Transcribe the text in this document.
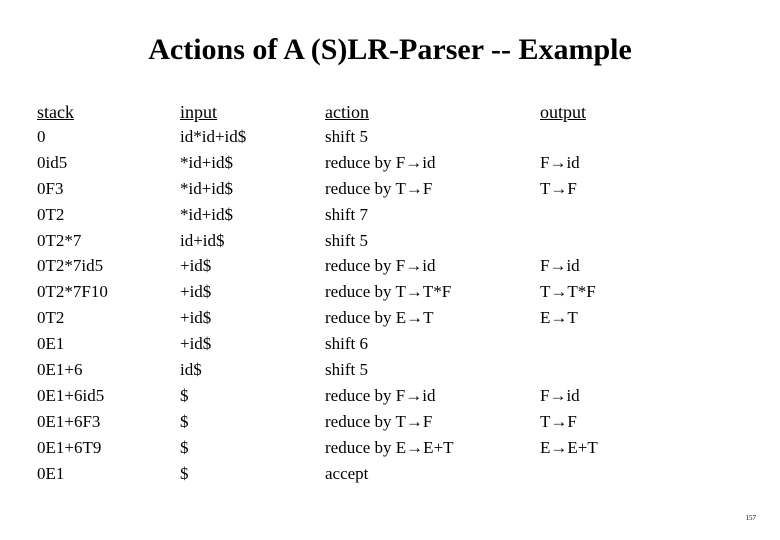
Actions of A (S)LR-Parser -- Example
stack	input	action	output
0	id*id+id$	shift 5
0id5	*id+id$	reduce by F→id	F→id
0F3	*id+id$	reduce by T→F	T→F
0T2	*id+id$	shift 7
0T2*7	id+id$	shift 5
0T2*7id5	+id$	reduce by F→id	F→id
0T2*7F10	+id$	reduce by T→T*F	T→T*F
0T2	+id$	reduce by E→T	E→T
0E1	+id$	shift 6
0E1+6	id$	shift 5
0E1+6id5	$	reduce by F→id	F→id
0E1+6F3	$	reduce by T→F	T→F
0E1+6T9	$	reduce by E→E+T	E→E+T
0E1	$	accept
157
